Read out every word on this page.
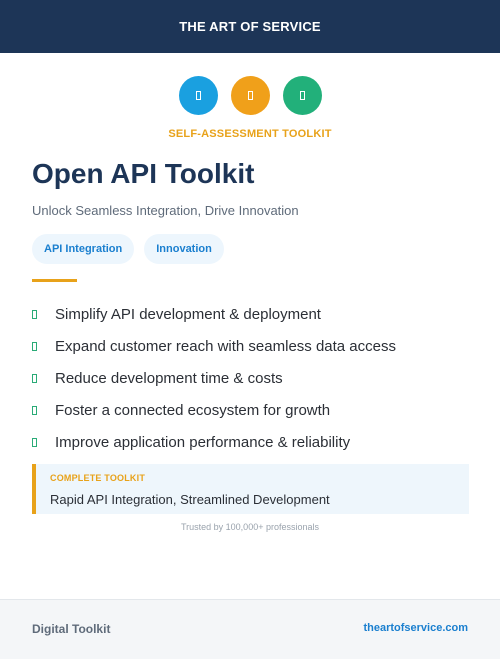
THE ART OF SERVICE
SELF-ASSESSMENT TOOLKIT
Open API Toolkit
Unlock Seamless Integration, Drive Innovation
API Integration	Innovation
Simplify API development & deployment
Expand customer reach with seamless data access
Reduce development time & costs
Foster a connected ecosystem for growth
Improve application performance & reliability
COMPLETE TOOLKIT
Rapid API Integration, Streamlined Development
Trusted by 100,000+ professionals
Digital Toolkit	theartofservice.com
